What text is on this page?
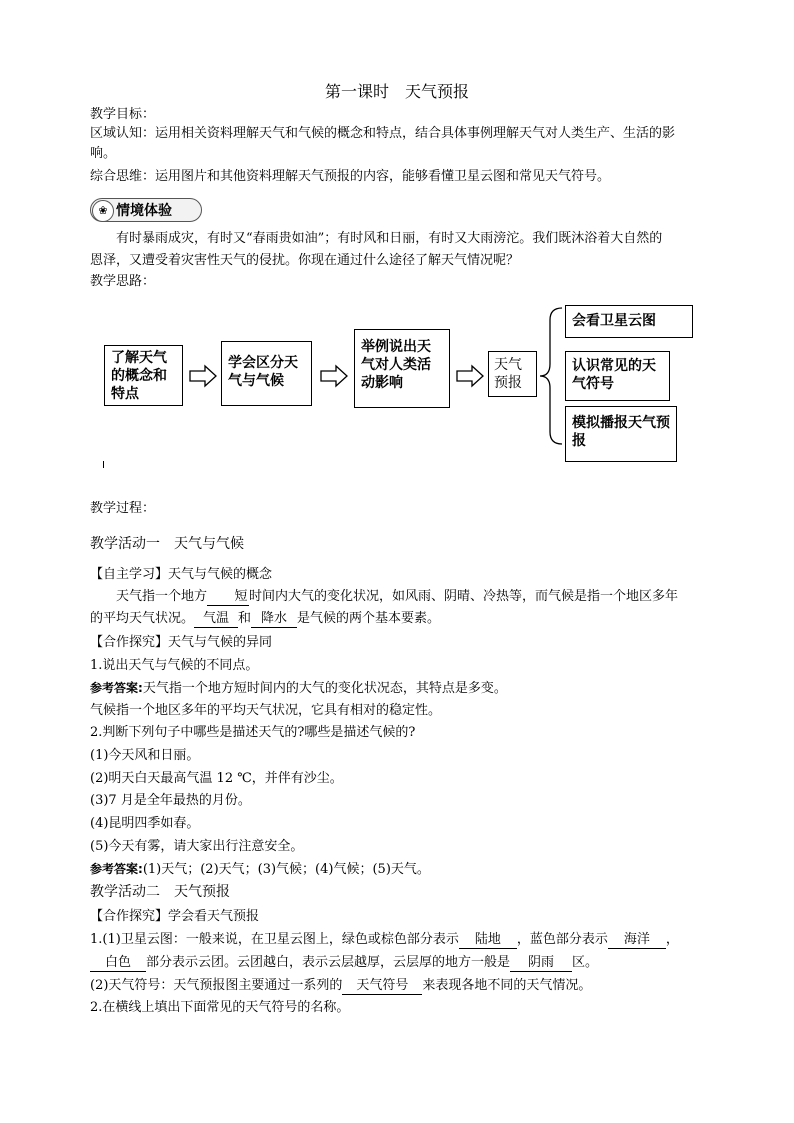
第一课时　天气预报
教学目标：
区域认知：运用相关资料理解天气和气候的概念和特点，结合具体事例理解天气对人类生产、生活的影
响。
综合思维：运用图片和其他资料理解天气预报的内容，能够看懂卫星云图和常见天气符号。
❀ 情境体验
有时暴雨成灾，有时又“春雨贵如油”；有时风和日丽，有时又大雨滂沱。我们既沐浴着大自然的
恩泽，又遭受着灾害性天气的侵扰。你现在通过什么途径了解天气情况呢？
教学思路：
了解天气的概念和特点
学会区分天气与气候
举例说出天气对人类活动影响
天气预报
会看卫星云图
认识常见的天气符号
模拟播报天气预报
教学过程：
教学活动一　天气与气候
【自主学习】天气与气候的概念
天气指一个地方 短 时间内大气的变化状况，如风雨、阴晴、冷热等，而气候是指一个地区多年
的平均天气状况。 气温 和 降水 是气候的两个基本要素。
【合作探究】天气与气候的异同
1.说出天气与气候的不同点。
参考答案:天气指一个地方短时间内的大气的变化状况态，其特点是多变。
气候指一个地区多年的平均天气状况，它具有相对的稳定性。
2.判断下列句子中哪些是描述天气的?哪些是描述气候的?
(1)今天风和日丽。
(2)明天白天最高气温 12 ℃，并伴有沙尘。
(3)7 月是全年最热的月份。
(4)昆明四季如春。
(5)今天有雾，请大家出行注意安全。
参考答案:(1)天气；(2)天气；(3)气候；(4)气候；(5)天气。
教学活动二　天气预报
【合作探究】学会看天气预报
1.(1)卫星云图：一般来说，在卫星云图上，绿色或棕色部分表示 陆地 ，蓝色部分表示 海洋 ，
白色 部分表示云团。云团越白，表示云层越厚，云层厚的地方一般是 阴雨 区。
(2)天气符号：天气预报图主要通过一系列的 天气符号 来表现各地不同的天气情况。
2.在横线上填出下面常见的天气符号的名称。
